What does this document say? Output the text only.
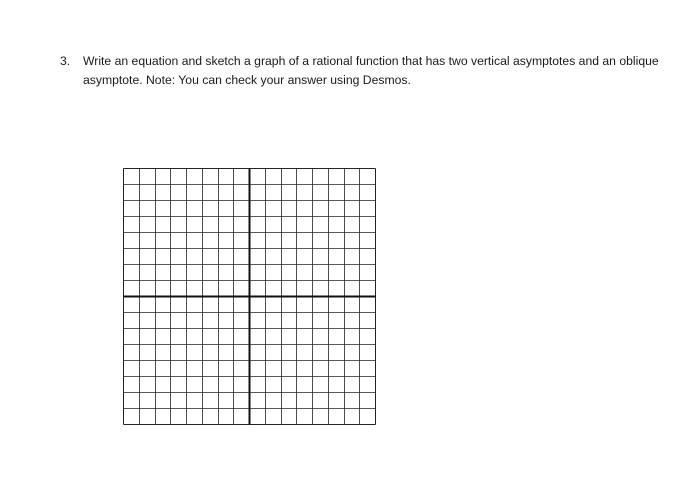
3. Write an equation and sketch a graph of a rational function that has two vertical asymptotes and an oblique asymptote. Note: You can check your answer using Desmos.
